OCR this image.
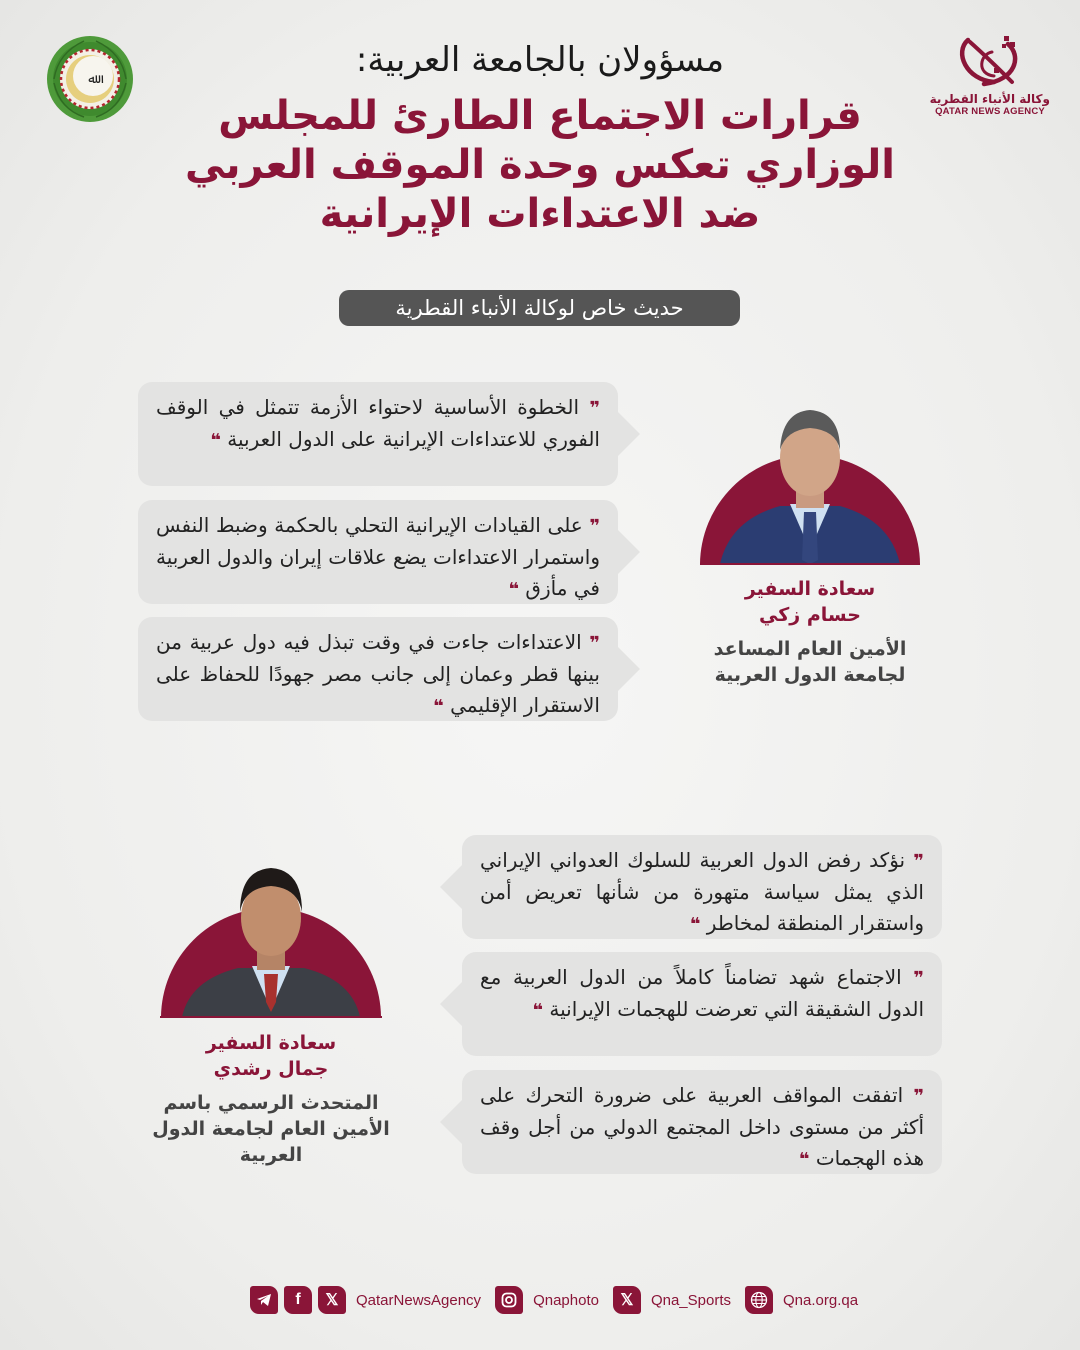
وكالة الأنباء القطرية
QATAR NEWS AGENCY
ﷲ	مسؤولان بالجامعة العربية:
قرارات الاجتماع الطارئ للمجلس
الوزاري تعكس وحدة الموقف العربي
ضد الاعتداءات الإيرانية
حديث خاص لوكالة الأنباء القطرية
❞ الخطوة الأساسية لاحتواء الأزمة تتمثل في الوقف الفوري للاعتداءات الإيرانية على الدول العربية ❝
❞ على القيادات الإيرانية التحلي بالحكمة وضبط النفس واستمرار الاعتداءات يضع علاقات إيران والدول العربية في مأزق ❝
❞ الاعتداءات جاءت في وقت تبذل فيه دول عربية من بينها قطر وعمان إلى جانب مصر جهودًا للحفاظ على الاستقرار الإقليمي ❝
سعادة السفير
حسام زكي
الأمين العام المساعد
لجامعة الدول العربية
❞ نؤكد رفض الدول العربية للسلوك العدواني الإيراني الذي يمثل سياسة متهورة من شأنها تعريض أمن واستقرار المنطقة لمخاطر ❝
❞ الاجتماع شهد تضامناً كاملاً من الدول العربية مع الدول الشقيقة التي تعرضت للهجمات الإيرانية ❝
❞ اتفقت المواقف العربية على ضرورة التحرك على أكثر من مستوى داخل المجتمع الدولي من أجل وقف هذه الهجمات ❝
سعادة السفير
جمال رشدي
المتحدث الرسمي باسم
الأمين العام لجامعة الدول
العربية
f	𝕏	QatarNewsAgency	Qnaphoto	𝕏	Qna_Sports	Qna.org.qa
